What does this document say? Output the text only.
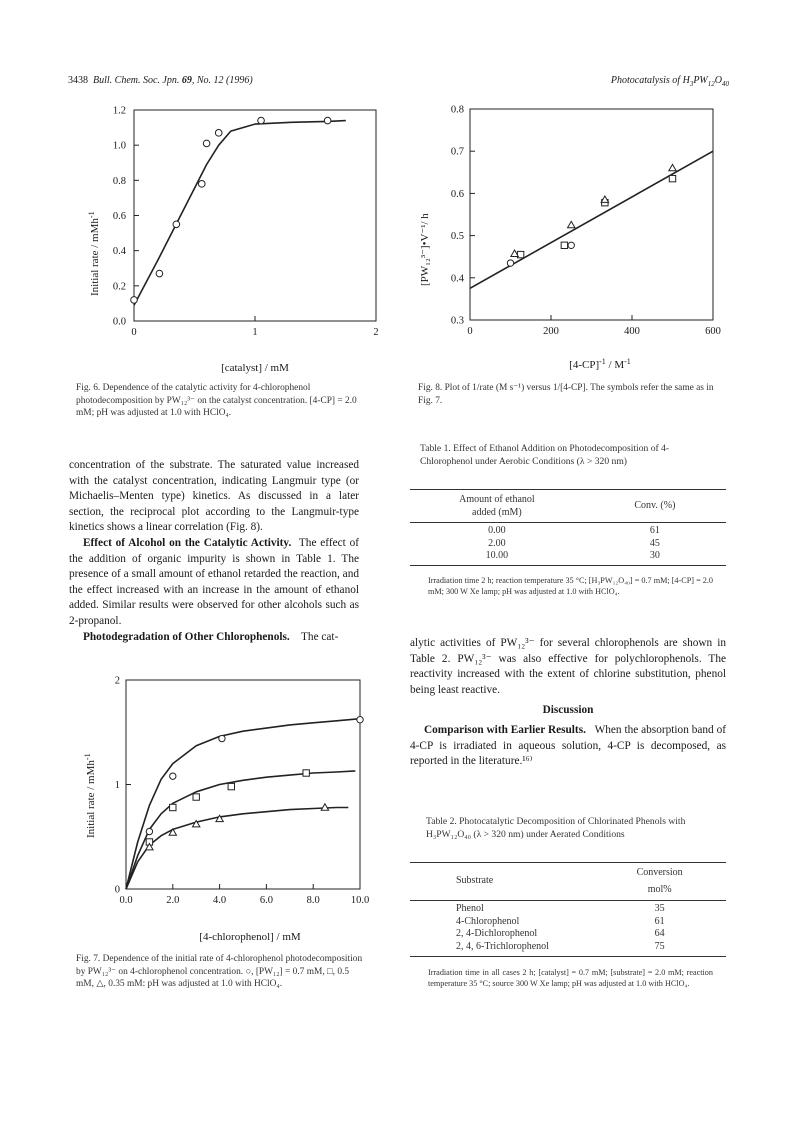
3438 Bull. Chem. Soc. Jpn. 69, No. 12 (1996)	Photocatalysis of $H_3PW_{12}O_{40}$
0	1	2
0.0
0.2
0.4
0.6
0.8
1.0
1.2
Initial rate / mMh$^{-1}$
[catalyst] / mM
Fig. 6. Dependence of the catalytic activity for 4-chlorophenol photodecomposition by PW₁₂³⁻ on the catalyst concentration. [4-CP] = 2.0 mM; pH was adjusted at 1.0 with HClO₄.
0	200	400	600
0.3
0.4
0.5
0.6
0.7
0.8
[PW₁₂³⁻]•V⁻¹/ h
$[4-CP]^{-1} / M^{-1}$
Fig. 8. Plot of 1/rate (M s⁻¹) versus 1/[4-CP]. The symbols refer the same as in Fig. 7.

concentration of the substrate. The saturated value increased with the catalyst concentration, indicating Langmuir type (or Michaelis–Menten type) kinetics. As discussed in a later section, the reciprocal plot according to the Langmuir-type kinetics shows a linear correlation (Fig. 8).

Effect of Alcohol on the Catalytic Activity. The effect of the addition of organic impurity is shown in Table 1. The presence of a small amount of ethanol retarded the reaction, and the effect increased with an increase in the amount of ethanol added. Similar results were observed for other alcohols such as 2-propanol.

Photodegradation of Other Chlorophenols. The cat-

0.0	2.0	4.0	6.0	8.0	10.0
0
1
2
Initial rate / mMh$^{-1}$
[4-chlorophenol] / mM
Fig. 7. Dependence of the initial rate of 4-chlorophenol photodecomposition by PW₁₂³⁻ on 4-chlorophenol concentration. ○, [PW₁₂] = 0.7 mM, □, 0.5 mM, △, 0.35 mM: pH was adjusted at 1.0 with HClO₄.
Table 1. Effect of Ethanol Addition on Photodecomposition of 4-Chlorophenol under Aerobic Conditions (λ > 320 nm)
Amount of ethanol
added (mM)	Conv. (%)
0.00	61
2.00	45
10.00	30
Irradiation time 2 h; reaction temperature 35 °C; [H₃PW₁₂O₄₀] = 0.7 mM; [4-CP] = 2.0 mM; 300 W Xe lamp; pH was adjusted at 1.0 with HClO₄.

alytic activities of PW₁₂³⁻ for several chlorophenols are shown in Table 2. PW₁₂³⁻ was also effective for polychlorophenols. The reactivity increased with the extent of chlorine substitution, phenol being least reactive.

Discussion

Comparison with Earlier Results. When the absorption band of 4-CP is irradiated in aqueous solution, 4-CP is decomposed, as reported in the literature.¹⁶⁾

Table 2. Photocatalytic Decomposition of Chlorinated Phenols with H₃PW₁₂O₄₀ (λ > 320 nm) under Aerated Conditions
Substrate	Conversion
	mol%
Phenol	35
4-Chlorophenol	61
2, 4-Dichlorophenol	64
2, 4, 6-Trichlorophenol	75
Irradiation time in all cases 2 h; [catalyst] = 0.7 mM; [substrate] = 2.0 mM; reaction temperature 35 °C; source 300 W Xe lamp; pH was adjusted at 1.0 with HClO₄.
